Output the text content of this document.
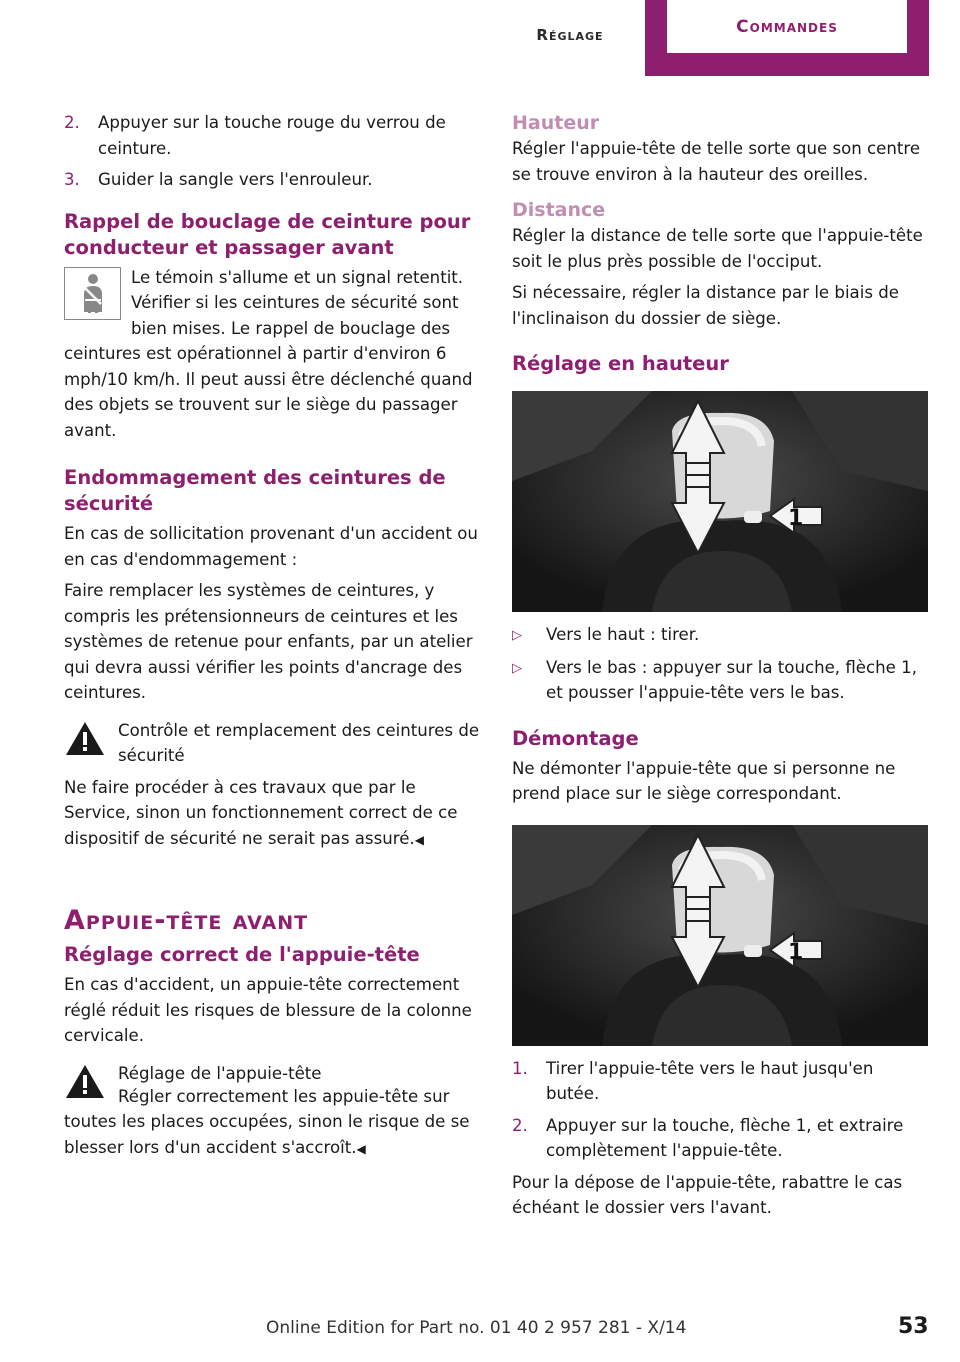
Réglage	Commandes
2.	Appuyer sur la touche rouge du verrou de ceinture.
3.	Guider la sangle vers l'enrouleur.
Rappel de bouclage de ceinture pour conducteur et passager avant
Le témoin s'allume et un signal retentit. Vérifier si les ceintures de sécurité sont bien mises. Le rappel de bouclage des ceintures est opérationnel à partir d'environ 6 mph/10 km/h. Il peut aussi être déclenché quand des objets se trouvent sur le siège du passager avant.
Endommagement des ceintures de sécurité
En cas de sollicitation provenant d'un accident ou en cas d'endommagement :
Faire remplacer les systèmes de ceintures, y compris les prétensionneurs de ceintures et les systèmes de retenue pour enfants, par un atelier qui devra aussi vérifier les points d'ancrage des ceintures.
Contrôle et remplacement des ceintures de sécurité
Ne faire procéder à ces travaux que par le Service, sinon un fonctionnement correct de ce dispositif de sécurité ne serait pas assuré.◀
Appuie-tête avant
Réglage correct de l'appuie-tête
En cas d'accident, un appuie-tête correctement réglé réduit les risques de blessure de la colonne cervicale.
Réglage de l'appuie-tête

Régler correctement les appuie-tête sur toutes les places occupées, sinon le risque de se blesser lors d'un accident s'accroît.◀
Hauteur
Régler l'appuie-tête de telle sorte que son centre se trouve environ à la hauteur des oreilles.
Distance
Régler la distance de telle sorte que l'appuie-tête soit le plus près possible de l'occiput.
Si nécessaire, régler la distance par le biais de l'inclinaison du dossier de siège.
Réglage en hauteur
1
▷	Vers le haut : tirer.
▷	Vers le bas : appuyer sur la touche, flèche 1, et pousser l'appuie-tête vers le bas.
Démontage
Ne démonter l'appuie-tête que si personne ne prend place sur le siège correspondant.
1
1.	Tirer l'appuie-tête vers le haut jusqu'en butée.
2.	Appuyer sur la touche, flèche 1, et extraire complètement l'appuie-tête.
Pour la dépose de l'appuie-tête, rabattre le cas échéant le dossier vers l'avant.
Online Edition for Part no. 01 40 2 957 281 - X/14	53
